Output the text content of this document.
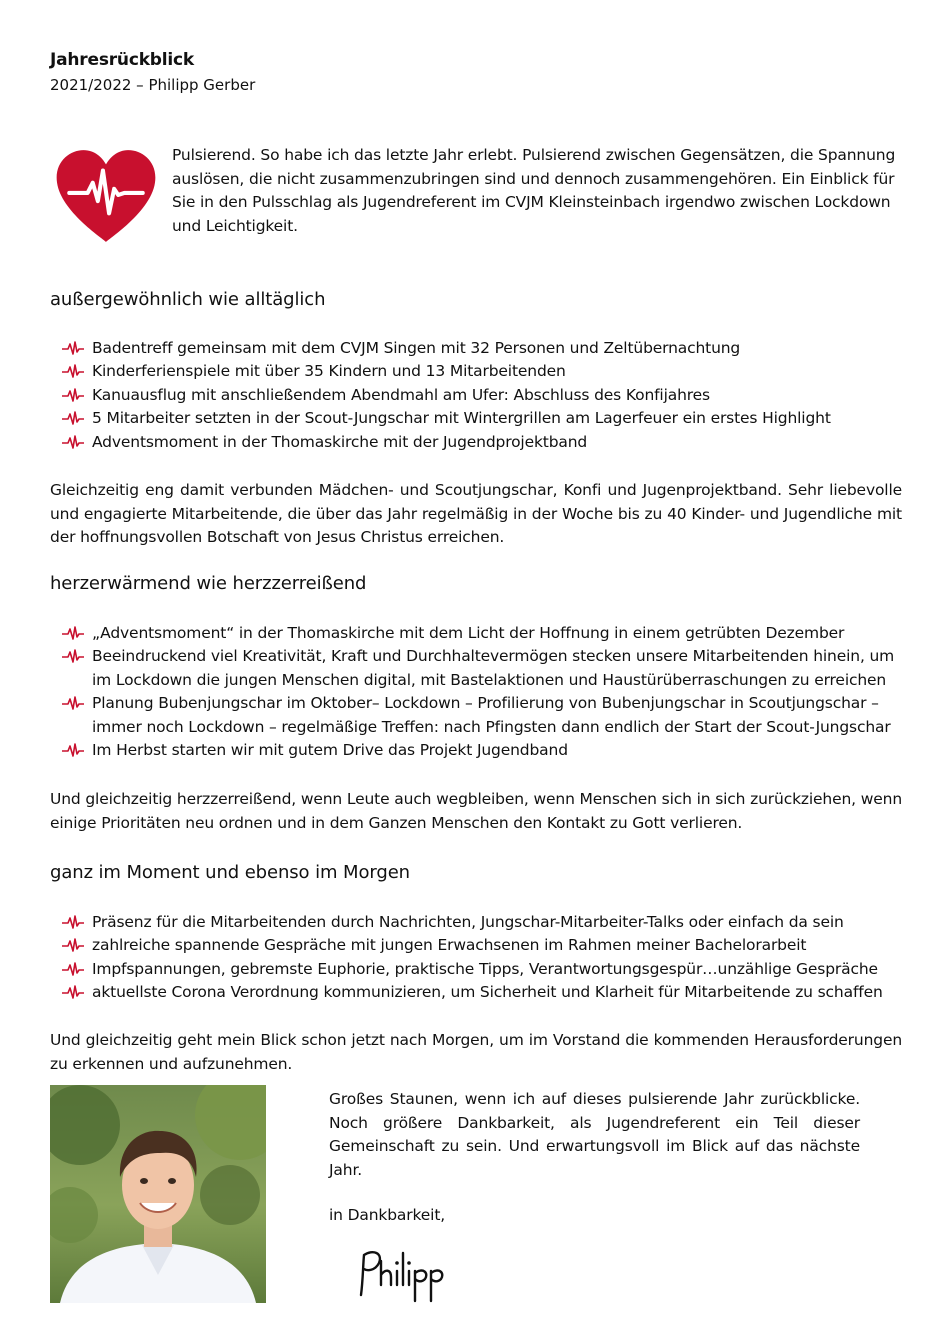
Jahresrückblick
2021/2022 – Philipp Gerber
Pulsierend. So habe ich das letzte Jahr erlebt. Pulsierend zwischen Gegensätzen, die Spannung auslösen, die nicht zusammenzubringen sind und dennoch zusammengehören. Ein Einblick für Sie in den Pulsschlag als Jugendreferent im CVJM Kleinsteinbach irgendwo zwischen Lockdown und Leichtigkeit.
außergewöhnlich wie alltäglich
Badentreff gemeinsam mit dem CVJM Singen mit 32 Personen und Zeltübernachtung
Kinderferienspiele mit über 35 Kindern und 13 Mitarbeitenden
Kanuausflug mit anschließendem Abendmahl am Ufer: Abschluss des Konfijahres
5 Mitarbeiter setzten in der Scout-Jungschar mit Wintergrillen am Lagerfeuer ein erstes Highlight
Adventsmoment in der Thomaskirche mit der Jugendprojektband
Gleichzeitig eng damit verbunden Mädchen- und Scoutjungschar, Konfi und Jugenprojektband. Sehr liebevolle und engagierte Mitarbeitende, die über das Jahr regelmäßig in der Woche bis zu 40 Kinder- und Jugendliche mit der hoffnungsvollen Botschaft von Jesus Christus erreichen.
herzerwärmend wie herzzerreißend
„Adventsmoment“ in der Thomaskirche mit dem Licht der Hoffnung in einem getrübten Dezember
Beeindruckend viel Kreativität, Kraft und Durchhaltevermögen stecken unsere Mitarbeitenden hinein, um im Lockdown die jungen Menschen digital, mit Bastelaktionen und Haustürüberraschungen zu erreichen
Planung Bubenjungschar im Oktober– Lockdown – Profilierung von Bubenjungschar in Scoutjungschar – immer noch Lockdown – regelmäßige Treffen: nach Pfingsten dann endlich der Start der Scout-Jungschar
Im Herbst starten wir mit gutem Drive das Projekt Jugendband
Und gleichzeitig herzzerreißend, wenn Leute auch wegbleiben, wenn Menschen sich in sich zurückziehen, wenn einige Prioritäten neu ordnen und in dem Ganzen Menschen den Kontakt zu Gott verlieren.
ganz im Moment und ebenso im Morgen
Präsenz für die Mitarbeitenden durch Nachrichten, Jungschar-Mitarbeiter-Talks oder einfach da sein
zahlreiche spannende Gespräche mit jungen Erwachsenen im Rahmen meiner Bachelorarbeit
Impfspannungen, gebremste Euphorie, praktische Tipps, Verantwortungsgespür…unzählige Gespräche
aktuellste Corona Verordnung kommunizieren, um Sicherheit und Klarheit für Mitarbeitende zu schaffen
Und gleichzeitig geht mein Blick schon jetzt nach Morgen, um im Vorstand die kommenden Herausforderungen zu erkennen und aufzunehmen.
Großes Staunen, wenn ich auf dieses pulsierende Jahr zurückblicke. Noch größere Dankbarkeit, als Jugendreferent ein Teil dieser Gemeinschaft zu sein. Und erwartungsvoll im Blick auf das nächste Jahr.
in Dankbarkeit,
